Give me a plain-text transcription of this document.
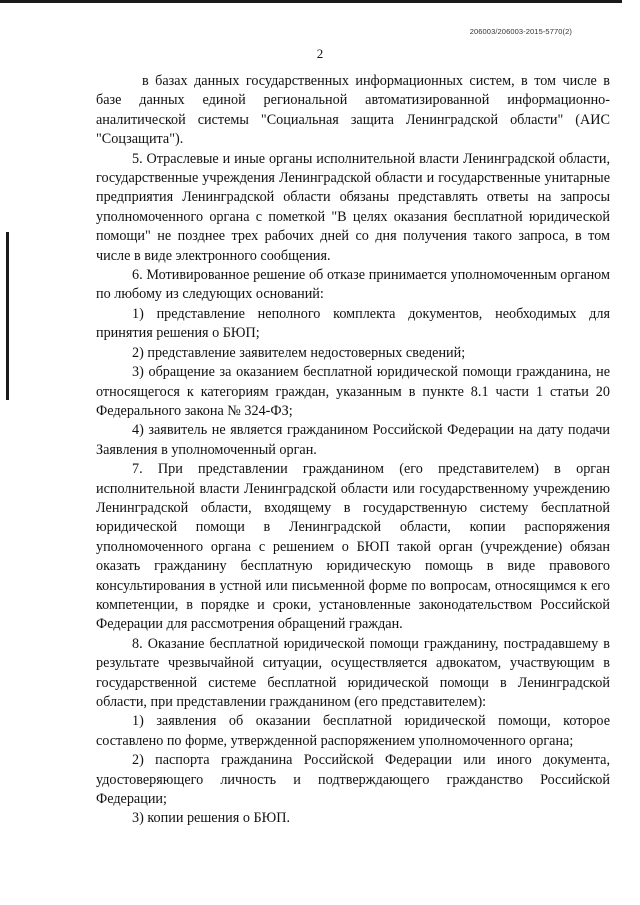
206003/206003-2015-5770(2)
2

в базах данных государственных информационных систем, в том числе в базе данных единой региональной автоматизированной информационно-аналитической системы "Социальная защита Ленинградской области" (АИС "Соцзащита").

5. Отраслевые и иные органы исполнительной власти Ленинградской области, государственные учреждения Ленинградской области и государственные унитарные предприятия Ленинградской области обязаны представлять ответы на запросы уполномоченного органа с пометкой "В целях оказания бесплатной юридической помощи" не позднее трех рабочих дней со дня получения такого запроса, в том числе в виде электронного сообщения.

6. Мотивированное решение об отказе принимается уполномоченным органом по любому из следующих оснований:

1) представление неполного комплекта документов, необходимых для принятия решения о БЮП;

2) представление заявителем недостоверных сведений;

3) обращение за оказанием бесплатной юридической помощи гражданина, не относящегося к категориям граждан, указанным в пункте 8.1 части 1 статьи 20 Федерального закона № 324-ФЗ;

4) заявитель не является гражданином Российской Федерации на дату подачи Заявления в уполномоченный орган.

7. При представлении гражданином (его представителем) в орган исполнительной власти Ленинградской области или государственному учреждению Ленинградской области, входящему в государственную систему бесплатной юридической помощи в Ленинградской области, копии распоряжения уполномоченного органа с решением о БЮП такой орган (учреждение) обязан оказать гражданину бесплатную юридическую помощь в виде правового консультирования в устной или письменной форме по вопросам, относящимся к его компетенции, в порядке и сроки, установленные законодательством Российской Федерации для рассмотрения обращений граждан.

8. Оказание бесплатной юридической помощи гражданину, пострадавшему в результате чрезвычайной ситуации, осуществляется адвокатом, участвующим в государственной системе бесплатной юридической помощи в Ленинградской области, при представлении гражданином (его представителем):

1) заявления об оказании бесплатной юридической помощи, которое составлено по форме, утвержденной распоряжением уполномоченного органа;

2) паспорта гражданина Российской Федерации или иного документа, удостоверяющего личность и подтверждающего гражданство Российской Федерации;

3) копии решения о БЮП.
